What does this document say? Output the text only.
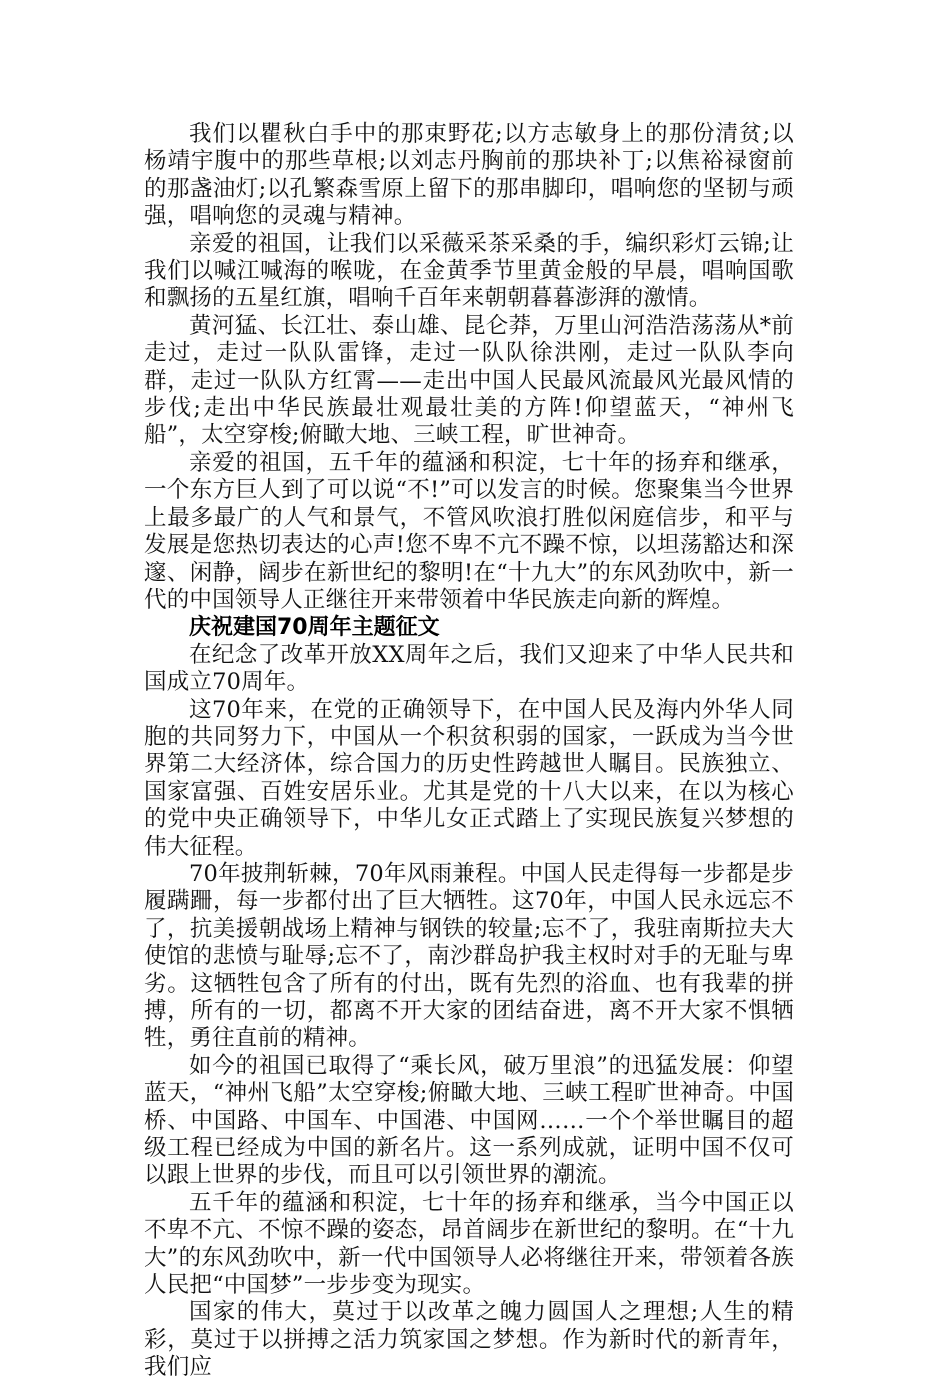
我们以瞿秋白手中的那束野花;以方志敏身上的那份清贫;以杨靖宇腹中的那些草根;以刘志丹胸前的那块补丁;以焦裕禄窗前的那盏油灯;以孔繁森雪原上留下的那串脚印，唱响您的坚韧与顽强，唱响您的灵魂与精神。

亲爱的祖国，让我们以采薇采茶采桑的手，编织彩灯云锦;让我们以喊江喊海的喉咙，在金黄季节里黄金般的早晨，唱响国歌和飘扬的五星红旗，唱响千百年来朝朝暮暮澎湃的激情。

黄河猛、长江壮、泰山雄、昆仑莽，万里山河浩浩荡荡从*前走过，走过一队队雷锋，走过一队队徐洪刚，走过一队队李向群，走过一队队方红霄——走出中国人民最风流最风光最风情的步伐;走出中华民族最壮观最壮美的方阵!仰望蓝天，“神州飞船”，太空穿梭;俯瞰大地、三峡工程，旷世神奇。

亲爱的祖国，五千年的蕴涵和积淀，七十年的扬弃和继承，一个东方巨人到了可以说“不!”可以发言的时候。您聚集当今世界上最多最广的人气和景气，不管风吹浪打胜似闲庭信步，和平与发展是您热切表达的心声!您不卑不亢不躁不惊，以坦荡豁达和深邃、闲静，阔步在新世纪的黎明!在“十九大”的东风劲吹中，新一代的中国领导人正继往开来带领着中华民族走向新的辉煌。

庆祝建国70周年主题征文

在纪念了改革开放XX周年之后，我们又迎来了中华人民共和国成立70周年。

这70年来，在党的正确领导下，在中国人民及海内外华人同胞的共同努力下，中国从一个积贫积弱的国家，一跃成为当今世界第二大经济体，综合国力的历史性跨越世人瞩目。民族独立、国家富强、百姓安居乐业。尤其是党的十八大以来，在以为核心的党中央正确领导下，中华儿女正式踏上了实现民族复兴梦想的伟大征程。

70年披荆斩棘，70年风雨兼程。中国人民走得每一步都是步履蹒跚，每一步都付出了巨大牺牲。这70年，中国人民永远忘不了，抗美援朝战场上精神与钢铁的较量;忘不了，我驻南斯拉夫大使馆的悲愤与耻辱;忘不了，南沙群岛护我主权时对手的无耻与卑劣。这牺牲包含了所有的付出，既有先烈的浴血、也有我辈的拼搏，所有的一切，都离不开大家的团结奋进，离不开大家不惧牺牲，勇往直前的精神。

如今的祖国已取得了“乘长风，破万里浪”的迅猛发展：仰望蓝天，“神州飞船”太空穿梭;俯瞰大地、三峡工程旷世神奇。中国桥、中国路、中国车、中国港、中国网……一个个举世瞩目的超级工程已经成为中国的新名片。这一系列成就，证明中国不仅可以跟上世界的步伐，而且可以引领世界的潮流。

五千年的蕴涵和积淀，七十年的扬弃和继承，当今中国正以不卑不亢、不惊不躁的姿态，昂首阔步在新世纪的黎明。在“十九大”的东风劲吹中，新一代中国领导人必将继往开来，带领着各族人民把“中国梦”一步步变为现实。

国家的伟大，莫过于以改革之魄力圆国人之理想;人生的精彩，莫过于以拼搏之活力筑家国之梦想。作为新时代的新青年，我们应
